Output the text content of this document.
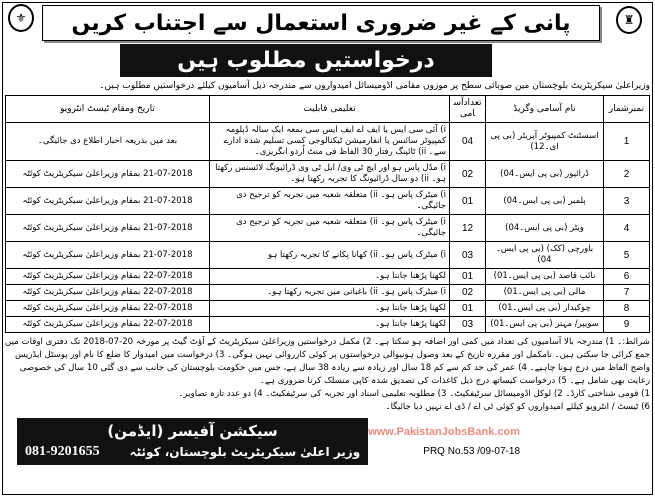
⚜	♜
پانی کے غیر ضروری استعمال سے اجتناب کریں
درخواستیں مطلوب ہیں
وزیراعلیٰ سیکریٹریٹ بلوچستان مین صوبائی سطح پر موزوں مقامی اڈومیسائل امیدواروں سے مندرجہ ذیل آسامیوں کیلئے درخواستیں مطلوب ہیں۔
نمبرشمار	نام آسامی وگریڈ	تعدادآسامی	تعلیمی قابلیت	تاریخ ومقام ٹیسٹ انٹرویو
1	اسسٹنٹ کمپیوٹر آپریٹر (بی پی ای۔12)	04	i) آئی سی ایس یا ایف اے ایف ایس سی بمعہ ایک سالہ ڈپلومہ کمپیوٹر سائنس یا انفارمیشن ٹیکنالوجی کسی تسلیم شدہ ادارے سے۔ ii) ٹائپنگ رفتار 30 الفاظ فی منٹ اُردو انگریزی۔	بعد میں بذریعہ اخبار اطلاع دی جائیگی۔
2	ڈرائیور (بی پی ایس۔04)	02	i) مڈل پاس ہو اور ایچ ٹی وی/ ایل ٹی وی ڈرائیونگ لائسنس رکھتا ہو۔ ii) دو سال ڈرائیونگ کا تجربہ رکھتا ہو۔	21-07-2018 بمقام وزیراعلیٰ سیکریٹریٹ کوئٹہ
3	پلمبر (بی پی ایس۔04)	01	i) میٹرک پاس ہو۔ ii) متعلقہ شعبہ میں تجربہ کو ترجیح دی جائیگی۔	21-07-2018 بمقام وزیراعلیٰ سیکریٹریٹ کوئٹہ
4	ویٹر (بی پی ایس۔04)	12	i) میٹرک پاس ہو۔ ii) متعلقہ شعبہ میں تجربہ کو ترجیح دی جائیگی۔	21-07-2018 بمقام وزیراعلیٰ سیکریٹریٹ کوئٹہ
5	باورچی (کک) (بی پی ایس۔04)	03	i) میٹرک پاس ہو۔ ii) کھانا پکانے کا تجربہ رکھتا ہو	21-07-2018 بمقام وزیراعلیٰ سیکریٹریٹ کوئٹہ
6	نائب قاصد (بی پی ایس۔01)	01	لکھنا پڑھنا جانتا ہو۔	22-07-2018 بمقام وزیراعلیٰ سیکریٹریٹ کوئٹہ
7	مالی (بی پی ایس۔01)	02	i) میٹرک پاس ہو۔ ii) باغبانی میں تجربہ رکھتا ہو۔	22-07-2018 بمقام وزیراعلیٰ سیکریٹریٹ کوئٹہ
8	چوکیدار (بی پی ایس۔01)	01	لکھنا پڑھنا جانتا ہو۔	22-07-2018 بمقام وزیراعلیٰ سیکریٹریٹ کوئٹہ
9	سویپر/ مہتر (بی پی ایس۔01)	03	لکھنا پڑھنا جانتا ہو۔	22-07-2018 بمقام وزیراعلیٰ سیکریٹریٹ کوئٹہ
شرائط:۔ 1) مندرجہ بالا آسامیوں کی تعداد میں کمی اور اضافہ ہو سکتا ہے۔ 2) مکمل درخواستیں وزیراعلیٰ سیکریٹریٹ کے آؤٹ گیٹ پر مورخہ 20-07-2018 تک دفتری اوقات میں جمع کرائی جا سکتی ہیں۔ نامکمل اور مقررہ تاریخ کے بعد وصول ہونیوالی درخواستوں پر کوئی کارروائی نہیں ہوگی۔ 3) درخواست میں امیدوار کا ضلع کا نام اور پوسٹل ایڈریس واضح الفاظ میں درج ہونا چاہیے۔ 4) عمر کی حد کم سے کم 18 سال اور زیادہ سے زیادہ 38 سال ہے، جس میں حکومت بلوچستان کی جانب سے دی گئی 10 سال کی خصوصی رعایت بھی شامل ہے۔ 5) درخواست کیساتھ درج ذیل کاغذات کی تصدیق شدہ کاپی منسلک کرنا ضروری ہے۔
1) قومی شناختی کارڈ۔ 2) لوکل اڈومیسائل سرٹیفکیٹ۔ 3) مطلوبہ تعلیمی اسناد اور تجربہ کی سرٹیفکیٹ۔ 4) دو عدد تازہ تصاویر۔
6) ٹیسٹ / انٹرویو کیلئے امیدواروں کو کوئی ٹی اے / ڈی اے نہیں دیا جائیگا۔
سیکشن آفیسر (ایڈمن)
وزیر اعلیٰ سیکریٹریٹ بلوچستان، کوئٹہ
081-9201655
www.PakistanJobsBank.com
PRQ No.53 /09-07-18
